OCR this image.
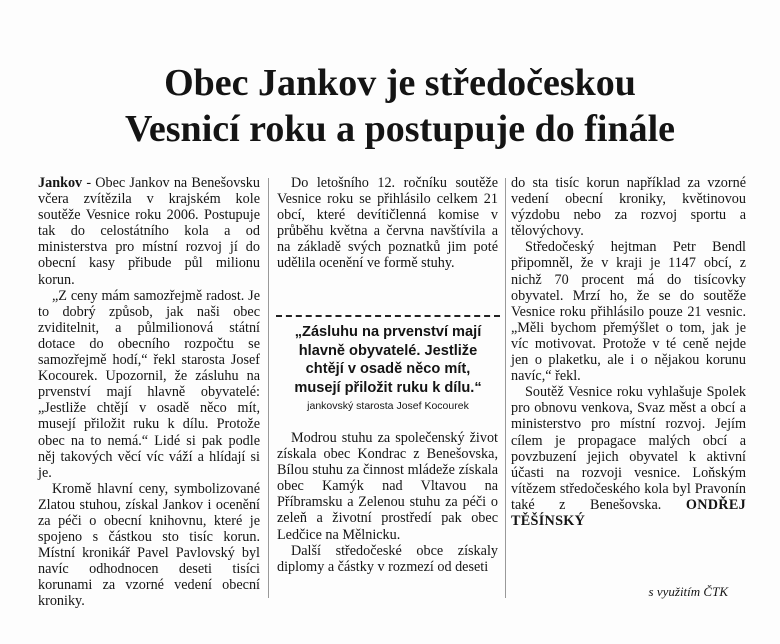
Obec Jankov je středočeskou
Vesnicí roku a postupuje do finále

Jankov - Obec Jankov na Benešovsku včera zvítězila v krajském kole soutěže Vesnice roku 2006. Postupuje tak do celostátního kola a od ministerstva pro místní rozvoj jí do obecní kasy přibude půl milionu korun.

„Z ceny mám samozřejmě radost. Je to dobrý způsob, jak naši obec zviditelnit, a půlmilionová státní dotace do obecního rozpočtu se samozřejmě hodí,“ řekl starosta Josef Kocourek. Upozornil, že zásluhu na prvenství mají hlavně obyvatelé: „Jestliže chtějí v osadě něco mít, musejí přiložit ruku k dílu. Protože obec na to nemá.“ Lidé si pak podle něj takových věcí víc váží a hlídají si je.

Kromě hlavní ceny, symbolizované Zlatou stuhou, získal Jankov i ocenění za péči o obecní knihovnu, které je spojeno s částkou sto tisíc korun. Místní kronikář Pavel Pavlovský byl navíc odhodnocen deseti tisíci korunami za vzorné vedení obecní kroniky.

Do letošního 12. ročníku soutěže Vesnice roku se přihlásilo celkem 21 obcí, které devítičlenná komise v průběhu května a června navštívila a na základě svých poznatků jim poté udělila ocenění ve formě stuhy.

Modrou stuhu za společenský život získala obec Kondrac z Benešovska, Bílou stuhu za činnost mládeže získala obec Kamýk nad Vltavou na Příbramsku a Zelenou stuhu za péči o zeleň a životní prostředí pak obec Ledčice na Mělnicku.

Další středočeské obce získaly diplomy a částky v rozmezí od deseti

do sta tisíc korun například za vzorné vedení obecní kroniky, květinovou výzdobu nebo za rozvoj sportu a tělovýchovy.

Středočeský hejtman Petr Bendl připomněl, že v kraji je 1147 obcí, z nichž 70 procent má do tisícovky obyvatel. Mrzí ho, že se do soutěže Vesnice roku přihlásilo pouze 21 vesnic. „Měli bychom přemýšlet o tom, jak je víc motivovat. Protože v té ceně nejde jen o plaketku, ale i o nějakou korunu navíc,“ řekl.

Soutěž Vesnice roku vyhlašuje Spolek pro obnovu venkova, Svaz měst a obcí a ministerstvo pro místní rozvoj. Jejím cílem je propagace malých obcí a povzbuzení jejich obyvatel k aktivní účasti na rozvoji vesnice. Loňským vítězem středočeského kola byl Pravonín také z Benešovska. ONDŘEJ TĚŠÍNSKÝ

„Zásluhu na prvenství mají hlavně obyvatelé. Jestliže chtějí v osadě něco mít, musejí přiložit ruku k dílu.“
jankovský starosta Josef Kocourek
s využitím ČTK
